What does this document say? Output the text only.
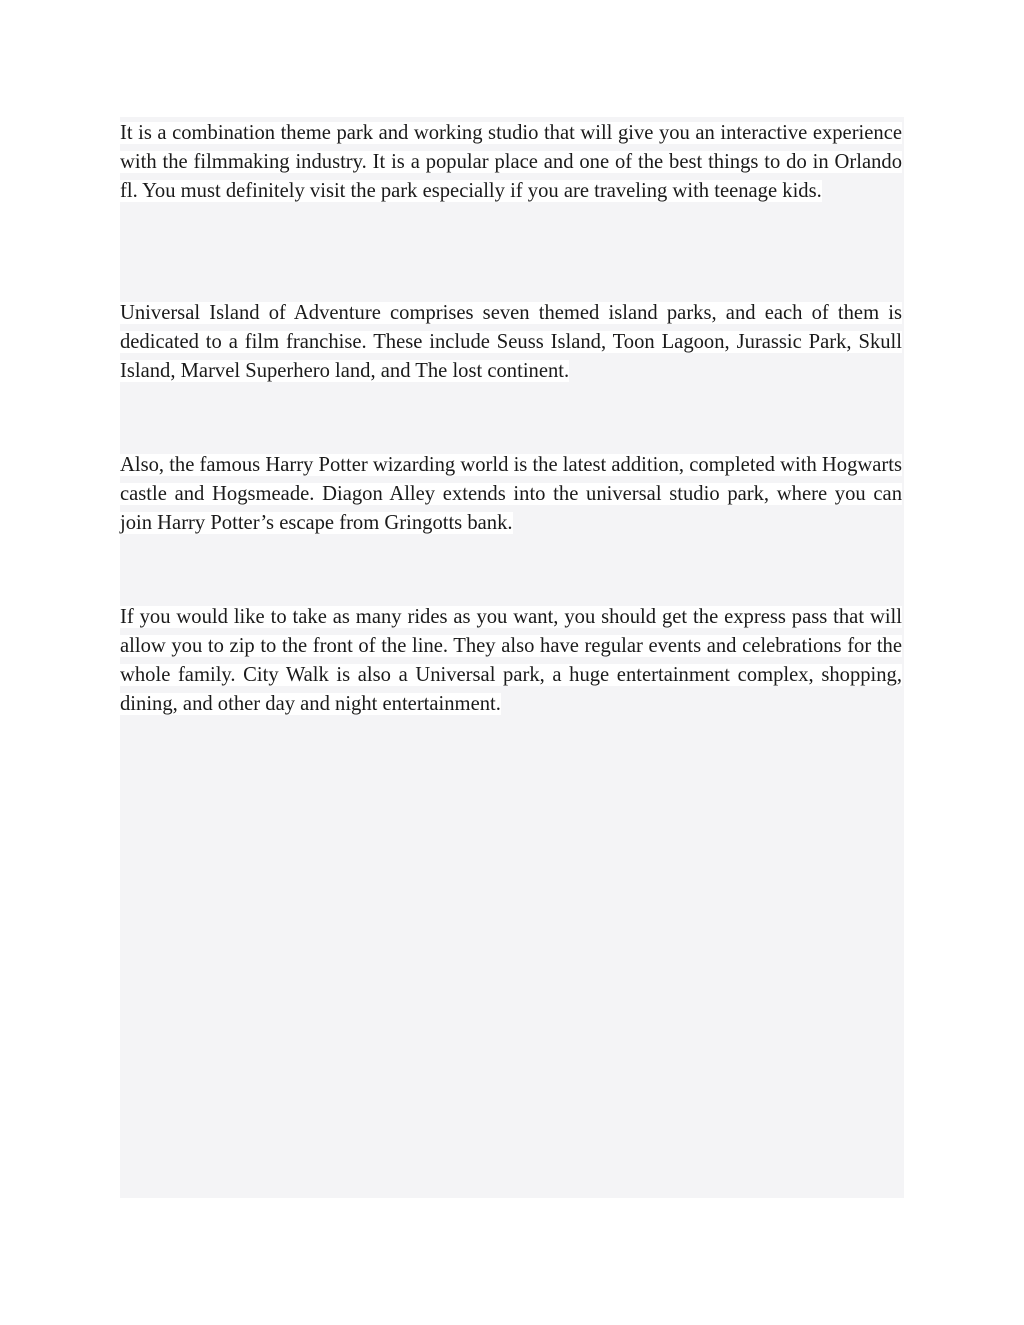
It is a combination theme park and working studio that will give you an interactive experience with the filmmaking industry. It is a popular place and one of the best things to do in Orlando fl. You must definitely visit the park especially if you are traveling with teenage kids.

Universal Island of Adventure comprises seven themed island parks, and each of them is dedicated to a film franchise. These include Seuss Island, Toon Lagoon, Jurassic Park, Skull Island, Marvel Superhero land, and The lost continent.

Also, the famous Harry Potter wizarding world is the latest addition, completed with Hogwarts castle and Hogsmeade. Diagon Alley extends into the universal studio park, where you can join Harry Potter’s escape from Gringotts bank.

If you would like to take as many rides as you want, you should get the express pass that will allow you to zip to the front of the line. They also have regular events and celebrations for the whole family. City Walk is also a Universal park, a huge entertainment complex, shopping, dining, and other day and night entertainment.
